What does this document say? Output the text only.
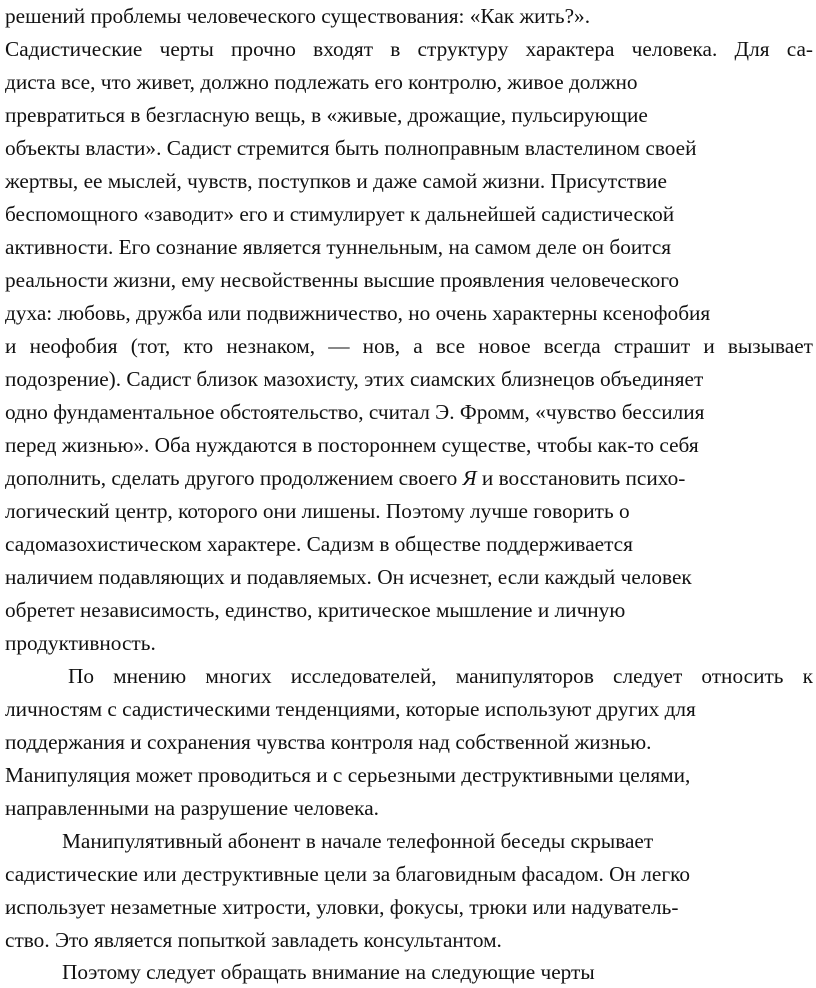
решений проблемы человеческого существования: «Как жить?».
Садистические черты прочно входят в структуру характера человека. Для са-
диста все, что живет, должно подлежать его контролю, живое должно
превратиться в безгласную вещь, в «живые, дрожащие, пульсирующие
объекты власти». Садист стремится быть полноправным властелином своей
жертвы, ее мыслей, чувств, поступков и даже самой жизни. Присутствие
беспомощного «заводит» его и стимулирует к дальнейшей садистической
активности. Его сознание является туннельным, на самом деле он боится
реальности жизни, ему несвойственны высшие проявления человеческого
духа: любовь, дружба или подвижничество, но очень характерны ксенофобия
и неофобия (тот, кто незнаком, — нов, а все новое всегда страшит и вызывает
подозрение). Садист близок мазохисту, этих сиамских близнецов объединяет
одно фундаментальное обстоятельство, считал Э. Фромм, «чувство бессилия
перед жизнью». Оба нуждаются в постороннем существе, чтобы как-то себя
дополнить, сделать другого продолжением своего Я и восстановить психо-
логический центр, которого они лишены. Поэтому лучше говорить о
садомазохистическом характере. Садизм в обществе поддерживается
наличием подавляющих и подавляемых. Он исчезнет, если каждый человек
обретет независимость, единство, критическое мышление и личную
продуктивность.
По мнению многих исследователей, манипуляторов следует относить к
личностям с садистическими тенденциями, которые используют других для
поддержания и сохранения чувства контроля над собственной жизнью.
Манипуляция может проводиться и с серьезными деструктивными целями,
направленными на разрушение человека.
Манипулятивный абонент в начале телефонной беседы скрывает
садистические или деструктивные цели за благовидным фасадом. Он легко
использует незаметные хитрости, уловки, фокусы, трюки или надуватель-
ство. Это является попыткой завладеть консультантом.
Поэтому следует обращать внимание на следующие черты
